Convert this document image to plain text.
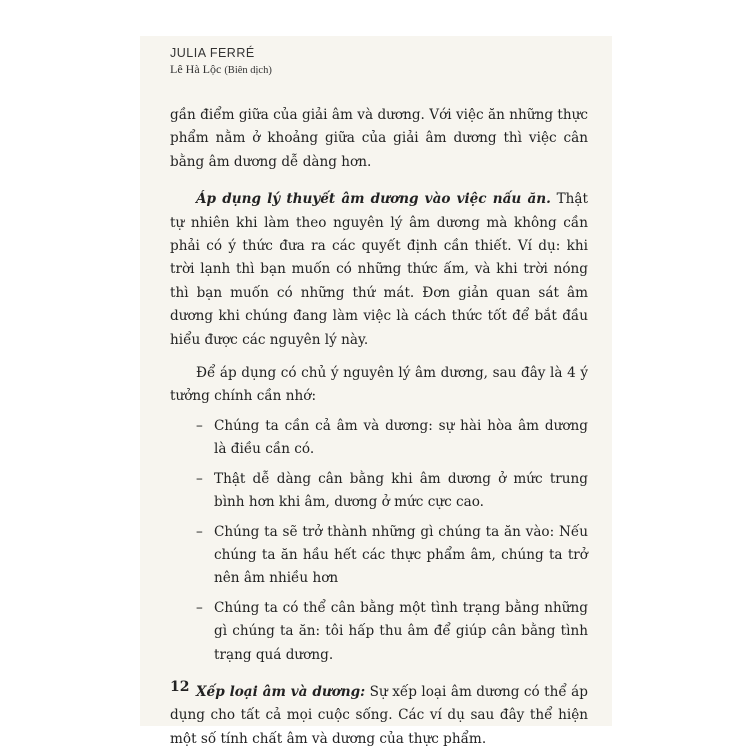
JULIA FERRÉ
Lê Hà Lộc (Biên dịch)

gần điểm giữa của giải âm và dương. Với việc ăn những thực phẩm nằm ở khoảng giữa của giải âm dương thì việc cân bằng âm dương dễ dàng hơn.

Áp dụng lý thuyết âm dương vào việc nấu ăn. Thật tự nhiên khi làm theo nguyên lý âm dương mà không cần phải có ý thức đưa ra các quyết định cần thiết. Ví dụ: khi trời lạnh thì bạn muốn có những thức ấm, và khi trời nóng thì bạn muốn có những thứ mát. Đơn giản quan sát âm dương khi chúng đang làm việc là cách thức tốt để bắt đầu hiểu được các nguyên lý này.

Để áp dụng có chủ ý nguyên lý âm dương, sau đây là 4 ý tưởng chính cần nhớ:

– Chúng ta cần cả âm và dương: sự hài hòa âm dương là điều cần có.
– Thật dễ dàng cân bằng khi âm dương ở mức trung bình hơn khi âm, dương ở mức cực cao.
– Chúng ta sẽ trở thành những gì chúng ta ăn vào: Nếu chúng ta ăn hầu hết các thực phẩm âm, chúng ta trở nên âm nhiều hơn
– Chúng ta có thể cân bằng một tình trạng bằng những gì chúng ta ăn: tôi hấp thu âm để giúp cân bằng tình trạng quá dương.

Xếp loại âm và dương: Sự xếp loại âm dương có thể áp dụng cho tất cả mọi cuộc sống. Các ví dụ sau đây thể hiện một số tính chất âm và dương của thực phẩm.

12
